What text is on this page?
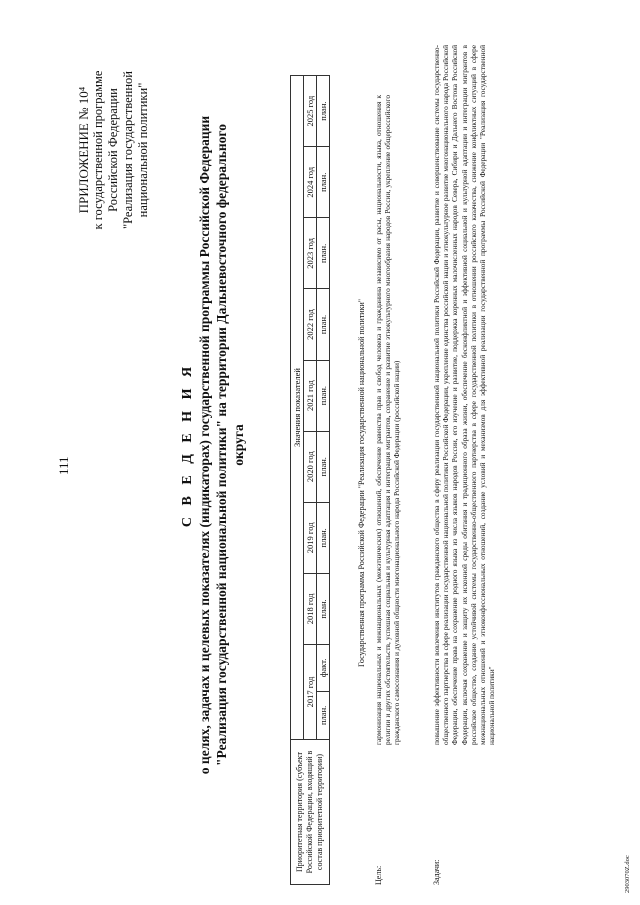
111
ПРИЛОЖЕНИЕ № 10⁴ к государственной программе Российской Федерации "Реализация государственной национальной политики"
С В Е Д Е Н И Я о целях, задачах и целевых показателях (индикаторах) государственной программы Российской Федерации "Реализация государственной национальной политики" на территории Дальневосточного федерального округа
Приоритетная территория (субъект Российской Федерации, входящий в состав приоритетной территории)	Значения показателей									
	2017 год		2018 год	2019 год	2020 год	2021 год	2022 год	2023 год	2024 год	2025 год
	план.	факт.	план.	план.	план.	план.	план.	план.	план.	план.
Государственная программа Российской Федерации "Реализация государственной национальной политики"
Цель:
гармонизация национальных и межнациональных (межэтнических) отношений, обеспечение равенства прав и свобод человека и гражданина независимо от расы, национальности, языка, отношения к религии и других обстоятельств, успешная социальная и культурная адаптация и интеграция мигрантов, сохранение и развитие этнокультурного многообразия народов России, укрепление общероссийского гражданского самосознания и духовной общности многонационального народа Российской Федерации (российской нации)
Задачи:
повышение эффективности вовлечения институтов гражданского общества в сферу реализации государственной национальной политики Российской Федерации, развитие и совершенствование системы государственно-общественного партнерства в сфере реализации государственной национальной политики Российской Федерации, укрепление единства российской нации и этнокультурное развитие многонационального народа Российской Федерации, обеспечение права на сохранение родного языка из числа языков народов России, его изучение и развитие, поддержка коренных малочисленных народов Севера, Сибири и Дальнего Востока Российской Федерации, включая сохранение и защиту их исконной среды обитания и традиционного образа жизни, обеспечение бесконфликтной и эффективной социальной и культурной адаптации и интеграции мигрантов в российское общество, создание устойчивой системы государственно-общественного партнерства в сфере государственной политики в отношении российского казачества, снижение конфликтных ситуаций в сфере межнациональных отношений и этноконфессиональных отношений, создание условий и механизмов для эффективной реализации государственной программы Российской Федерации "Реализация государственной национальной политики"
2903070Z.doc
